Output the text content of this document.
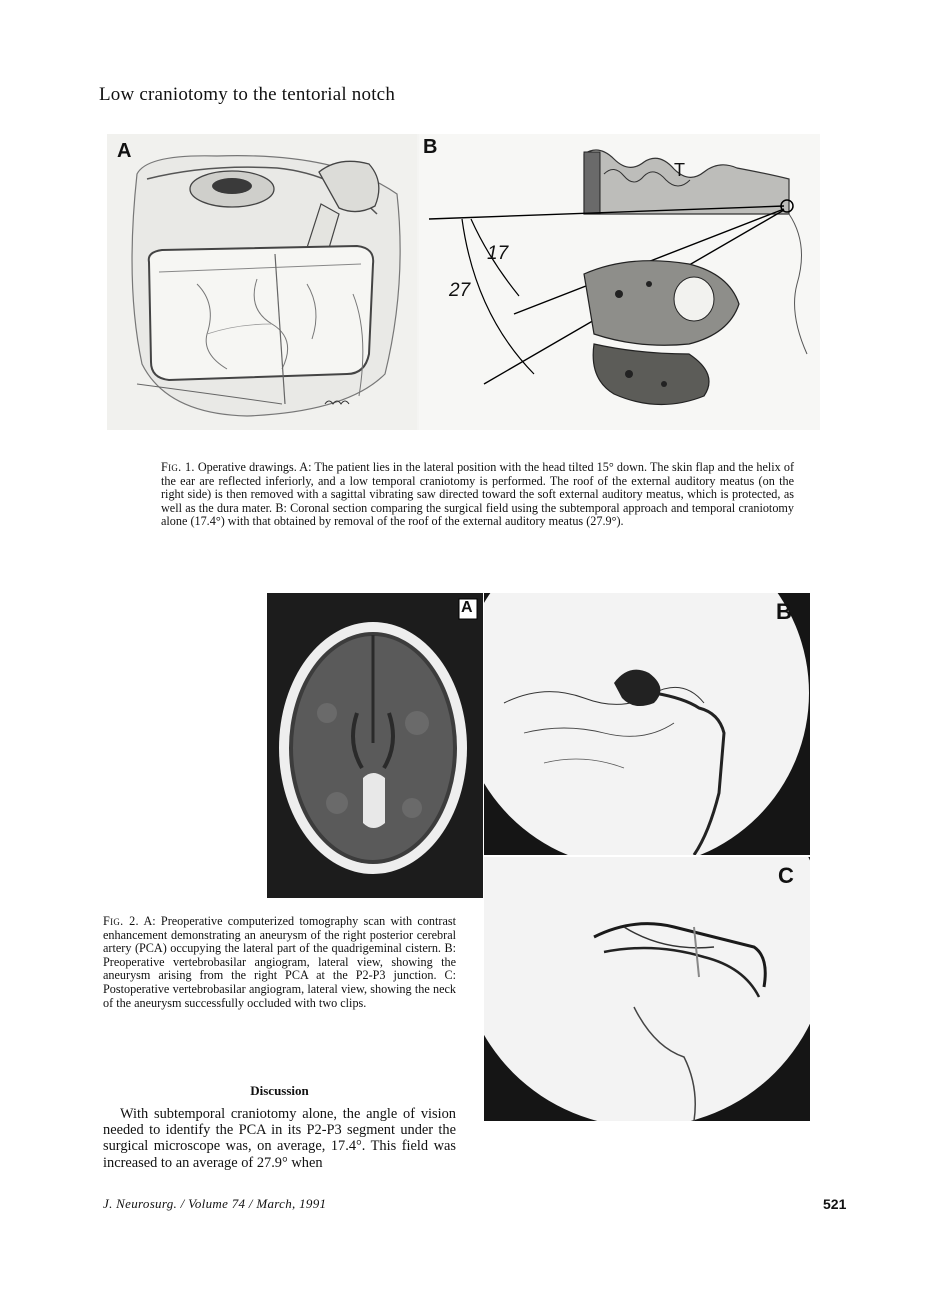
Low craniotomy to the tentorial notch
A
17
27
T
B
Fig. 1. Operative drawings. A: The patient lies in the lateral position with the head tilted 15° down. The skin flap and the helix of the ear are reflected inferiorly, and a low temporal craniotomy is performed. The roof of the external auditory meatus (on the right side) is then removed with a sagittal vibrating saw directed toward the soft external auditory meatus, which is protected, as well as the dura mater. B: Coronal section comparing the surgical field using the subtemporal approach and temporal craniotomy alone (17.4°) with that obtained by removal of the roof of the external auditory meatus (27.9°).
A	B
C
Fig. 2. A: Preoperative computerized tomography scan with contrast enhancement demonstrating an aneurysm of the right posterior cerebral artery (PCA) occupying the lateral part of the quadrigeminal cistern. B: Preoperative vertebrobasilar angiogram, lateral view, showing the aneurysm arising from the right PCA at the P2-P3 junction. C: Postoperative vertebrobasilar angiogram, lateral view, showing the neck of the aneurysm successfully occluded with two clips.
Discussion
With subtemporal craniotomy alone, the angle of vision needed to identify the PCA in its P2-P3 segment under the surgical microscope was, on average, 17.4°. This field was increased to an average of 27.9° when
J. Neurosurg. / Volume 74 / March, 1991	521
